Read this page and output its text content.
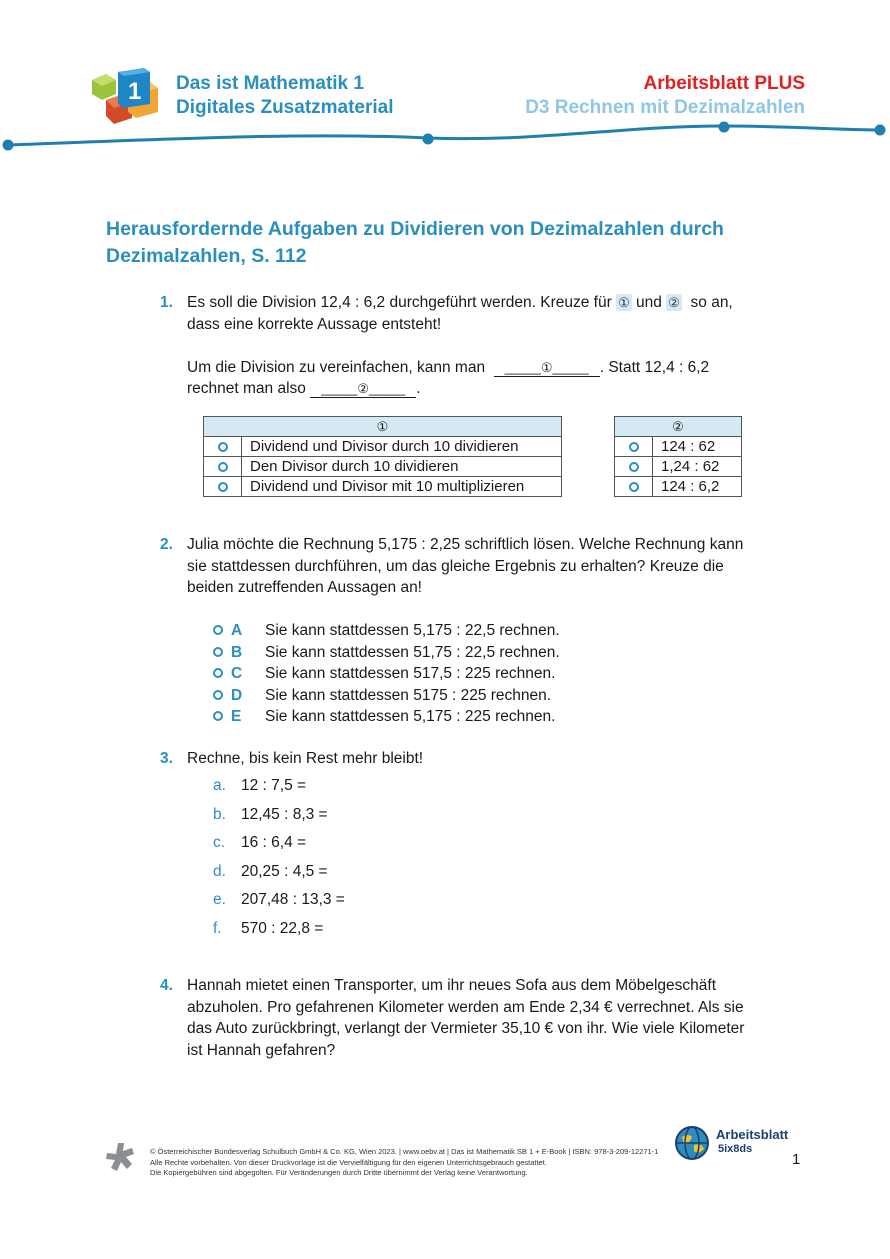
1 Das ist Mathematik 1
Digitales Zusatzmaterial
Arbeitsblatt PLUS
D3 Rechnen mit Dezimalzahlen
Herausfordernde Aufgaben zu Dividieren von Dezimalzahlen durch
Dezimalzahlen, S. 112
1. Es soll die Division 12,4 : 6,2 durchgeführt werden. Kreuze für ① und ② so an,
dass eine korrekte Aussage entsteht!
Um die Division zu vereinfachen, kann man _____①_____ . Statt 12,4 : 6,2
rechnet man also _____②_____ .
①	
	Dividend und Divisor durch 10 dividieren
	Den Divisor durch 10 dividieren
	Dividend und Divisor mit 10 multiplizieren
②	
	124 : 62
	1,24 : 62
	124 : 6,2
2. Julia möchte die Rechnung 5,175 : 2,25 schriftlich lösen. Welche Rechnung kann
sie stattdessen durchführen, um das gleiche Ergebnis zu erhalten? Kreuze die
beiden zutreffenden Aussagen an!
A Sie kann stattdessen 5,175 : 22,5 rechnen.
B Sie kann stattdessen 51,75 : 22,5 rechnen.
C Sie kann stattdessen 517,5 : 225 rechnen.
D Sie kann stattdessen 5175 : 225 rechnen.
E Sie kann stattdessen 5,175 : 225 rechnen.
3. Rechne, bis kein Rest mehr bleibt!
a. 12 : 7,5 =
b. 12,45 : 8,3 =
c. 16 : 6,4 =
d. 20,25 : 4,5 =
e. 207,48 : 13,3 =
f. 570 : 22,8 =
4. Hannah mietet einen Transporter, um ihr neues Sofa aus dem Möbelgeschäft
abzuholen. Pro gefahrenen Kilometer werden am Ende 2,34 € verrechnet. Als sie
das Auto zurückbringt, verlangt der Vermieter 35,10 € von ihr. Wie viele Kilometer
ist Hannah gefahren?
© Österreichischer Bundesverlag Schulbuch GmbH & Co. KG, Wien 2023. | www.oebv.at | Das ist Mathematik SB 1 + E-Book | ISBN: 978-3-209-12271-1
Alle Rechte vorbehalten. Von dieser Druckvorlage ist die Vervielfältigung für den eigenen Unterrichtsgebrauch gestattet.
Die Kopiergebühren sind abgegolten. Für Veränderungen durch Dritte übernimmt der Verlag keine Verantwortung.
Arbeitsblatt
5ix8ds
1
